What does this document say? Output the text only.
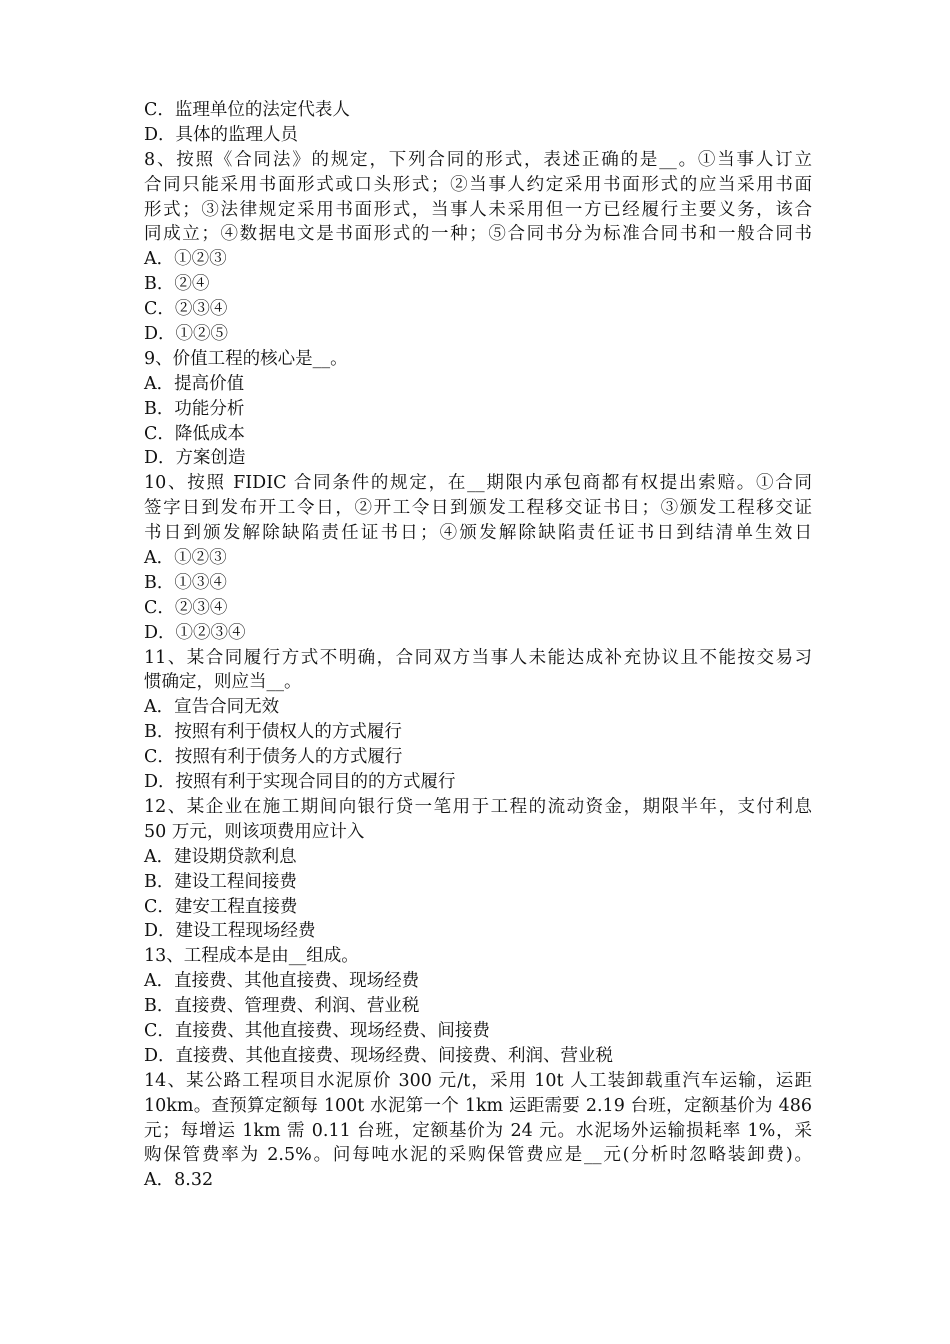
C．监理单位的法定代表人
D．具体的监理人员
8、按照《合同法》的规定，下列合同的形式，表述正确的是__。①当事人订立
合同只能采用书面形式或口头形式；②当事人约定采用书面形式的应当采用书面
形式；③法律规定采用书面形式，当事人未采用但一方已经履行主要义务，该合
同成立；④数据电文是书面形式的一种；⑤合同书分为标准合同书和一般合同书
A．①②③
B．②④
C．②③④
D．①②⑤
9、价值工程的核心是__。
A．提高价值
B．功能分析
C．降低成本
D．方案创造
10、按照 FIDIC 合同条件的规定，在__期限内承包商都有权提出索赔。①合同
签字日到发布开工令日，②开工令日到颁发工程移交证书日；③颁发工程移交证
书日到颁发解除缺陷责任证书日；④颁发解除缺陷责任证书日到结清单生效日
A．①②③
B．①③④
C．②③④
D．①②③④
11、某合同履行方式不明确，合同双方当事人未能达成补充协议且不能按交易习
惯确定，则应当__。
A．宣告合同无效
B．按照有利于债权人的方式履行
C．按照有利于债务人的方式履行
D．按照有利于实现合同目的的方式履行
12、某企业在施工期间向银行贷一笔用于工程的流动资金，期限半年，支付利息
50 万元，则该项费用应计入
A．建设期贷款利息
B．建设工程间接费
C．建安工程直接费
D．建设工程现场经费
13、工程成本是由__组成。
A．直接费、其他直接费、现场经费
B．直接费、管理费、利润、营业税
C．直接费、其他直接费、现场经费、间接费
D．直接费、其他直接费、现场经费、间接费、利润、营业税
14、某公路工程项目水泥原价 300 元/t，采用 10t 人工装卸载重汽车运输，运距
10km。查预算定额每 100t 水泥第一个 1km 运距需要 2.19 台班，定额基价为 486
元；每增运 1km 需 0.11 台班，定额基价为 24 元。水泥场外运输损耗率 1%，采
购保管费率为 2.5%。问每吨水泥的采购保管费应是__元(分析时忽略装卸费)。
A．8.32
